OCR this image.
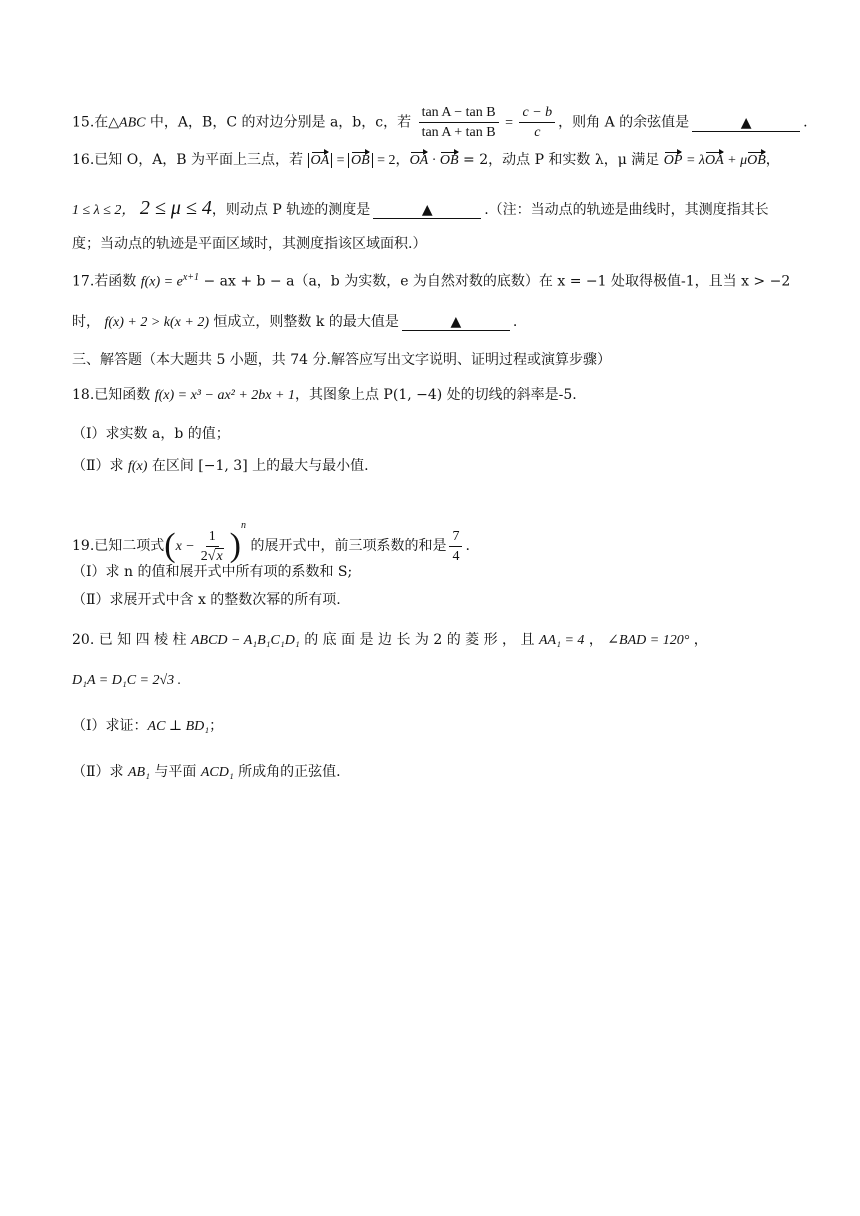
15.在△ABC 中，A，B，C 的对边分别是 a，b，c，若 $\frac{\text{tan A − tan B}}{\text{tan A + tan B}} = \frac{c - b}{c}$ ，则角 A 的余弦值是	▲	.
16.已知 O，A，B 为平面上三点，若 OA = OB = 2，OA · OB = 2，动点 P 和实数 λ，μ 满足 OP = λOA + μOB，
1 ≤ λ ≤ 2， 2 ≤ μ ≤ 4，则动点 P 轨迹的测度是	▲	.（注：当动点的轨迹是曲线时，其测度指其长
度；当动点的轨迹是平面区域时，其测度指该区域面积.）
17.若函数 $f(x) = e^{x+1}$ − ax + b − a（a，b 为实数，e 为自然对数的底数）在 x = −1 处取得极值-1，且当 x > −2
时， f(x) + 2 > k(x + 2) 恒成立，则整数 k 的最大值是	▲	.
三、解答题（本大题共 5 小题，共 74 分.解答应写出文字说明、证明过程或演算步骤）
18.已知函数 f(x) = x³ − ax² + 2bx + 1，其图象上点 P(1, −4) 处的切线的斜率是-5.
（Ⅰ）求实数 a，b 的值；
（Ⅱ）求 f(x) 在区间 [−1, 3] 上的最大与最小值.
19.已知二项式$(x - \frac{1}{2√x} )^n$ 的展开式中，前三项系数的和是 $\frac{7}{4}$ .
（Ⅰ）求 n 的值和展开式中所有项的系数和 S;
（Ⅱ）求展开式中含 x 的整数次幂的所有项.
20. 已 知 四 棱 柱 ABCD − A₁B₁C₁D₁ 的 底 面 是 边 长 为 2 的 菱 形 ， 且 AA₁ = 4 ， ∠BAD = 120° ，
D₁A = D₁C = 2√3 .
（Ⅰ）求证：AC ⊥ BD₁；
（Ⅱ）求 AB₁ 与平面 ACD₁ 所成角的正弦值.
